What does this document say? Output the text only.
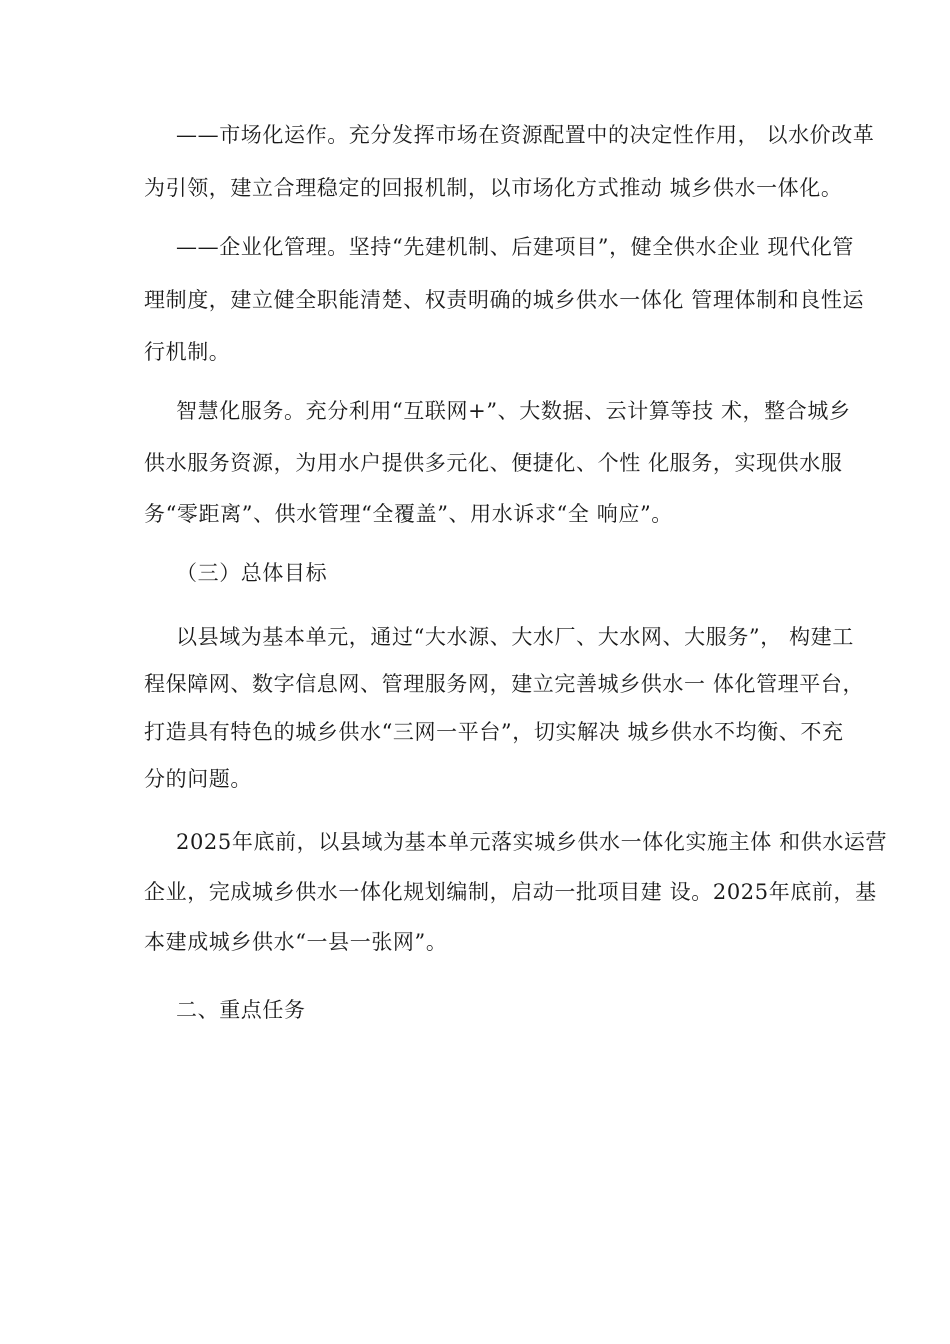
——市场化运作。充分发挥市场在资源配置中的决定性作用， 以水价改革
为引领，建立合理稳定的回报机制，以市场化方式推动 城乡供水一体化。
——企业化管理。坚持“先建机制、后建项目”，健全供水企业 现代化管
理制度，建立健全职能清楚、权责明确的城乡供水一体化 管理体制和良性运
行机制。
智慧化服务。充分利用“互联网+”、大数据、云计算等技 术，整合城乡
供水服务资源，为用水户提供多元化、便捷化、个性 化服务，实现供水服
务“零距离”、供水管理“全覆盖”、用水诉求“全 响应”。
（三）总体目标
以县域为基本单元，通过“大水源、大水厂、大水网、大服务”， 构建工
程保障网、数字信息网、管理服务网，建立完善城乡供水一 体化管理平台，
打造具有特色的城乡供水“三网一平台”，切实解决 城乡供水不均衡、不充
分的问题。
2025年底前，以县域为基本单元落实城乡供水一体化实施主体 和供水运营
企业，完成城乡供水一体化规划编制，启动一批项目建 设。2025年底前，基
本建成城乡供水“一县一张网”。
二、重点任务
